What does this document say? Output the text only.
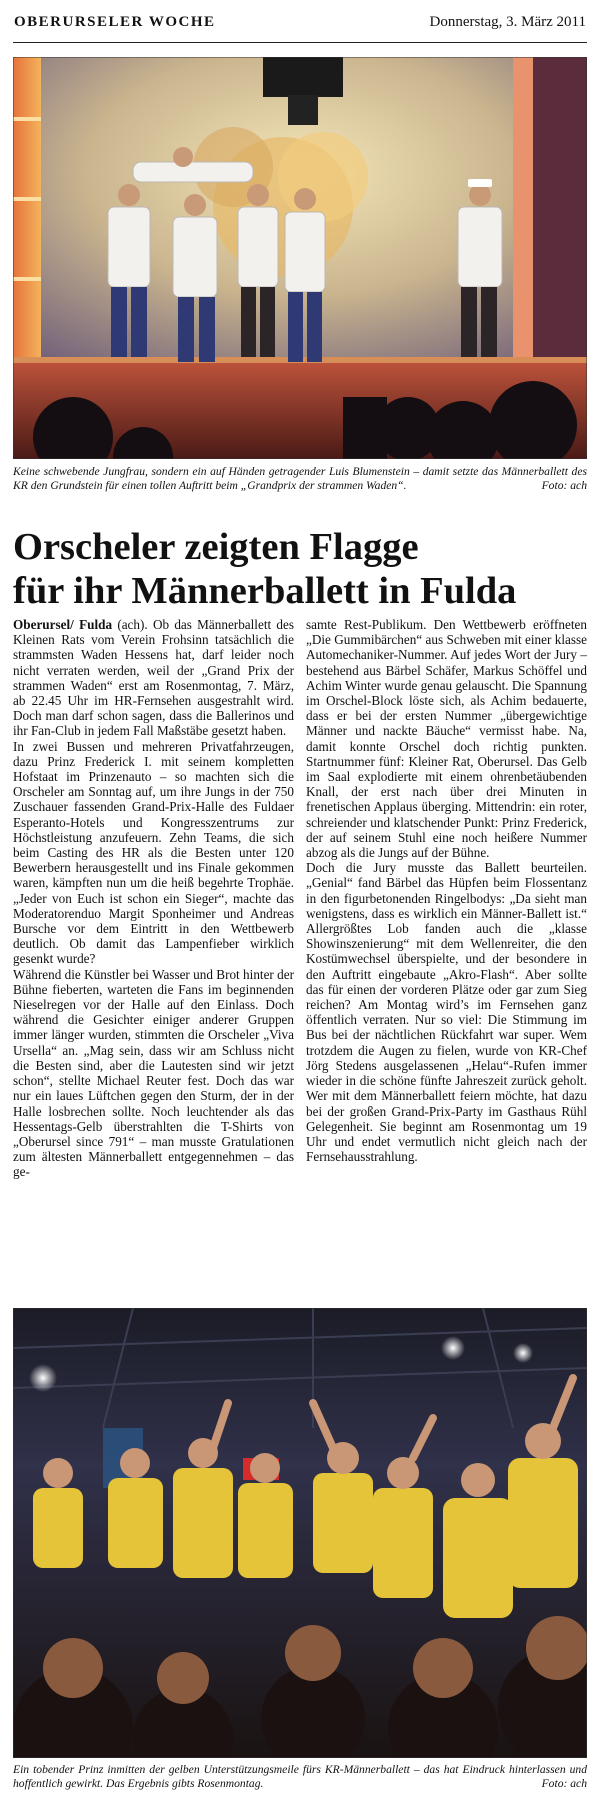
OBERURSELER WOCHE	Donnerstag, 3. März 2011
Keine schwebende Jungfrau, sondern ein auf Händen getragender Luis Blumenstein – damit setzte das Männerballett des KR den Grundstein für einen tollen Auftritt beim „Grandprix der strammen Waden“.	Foto: ach
Orscheler zeigten Flagge
für ihr Männerballett in Fulda

Oberursel/ Fulda (ach). Ob das Männerballett des Kleinen Rats vom Verein Frohsinn tatsächlich die strammsten Waden Hessens hat, darf leider noch nicht verraten werden, weil der „Grand Prix der strammen Waden“ erst am Rosenmontag, 7. März, ab 22.45 Uhr im HR-Fernsehen ausgestrahlt wird. Doch man darf schon sagen, dass die Ballerinos und ihr Fan-Club in jedem Fall Maßstäbe gesetzt haben.

In zwei Bussen und mehreren Privatfahrzeugen, dazu Prinz Frederick I. mit seinem kompletten Hofstaat im Prinzenauto – so machten sich die Orscheler am Sonntag auf, um ihre Jungs in der 750 Zuschauer fassenden Grand-Prix-Halle des Fuldaer Esperanto-Hotels und Kongresszentrums zur Höchstleistung anzufeuern. Zehn Teams, die sich beim Casting des HR als die Besten unter 120 Bewerbern herausgestellt und ins Finale gekommen waren, kämpften nun um die heiß begehrte Trophäe. „Jeder von Euch ist schon ein Sieger“, machte das Moderatorenduo Margit Sponheimer und Andreas Bursche vor dem Eintritt in den Wettbewerb deutlich. Ob damit das Lampenfieber wirklich gesenkt wurde?

Während die Künstler bei Wasser und Brot hinter der Bühne fieberten, warteten die Fans im beginnenden Nieselregen vor der Halle auf den Einlass. Doch während die Gesichter einiger anderer Gruppen immer länger wurden, stimmten die Orscheler „Viva Ursella“ an. „Mag sein, dass wir am Schluss nicht die Besten sind, aber die Lautesten sind wir jetzt schon“, stellte Michael Reuter fest. Doch das war nur ein laues Lüftchen gegen den Sturm, der in der Halle losbrechen sollte. Noch leuchtender als das Hessentags-Gelb überstrahlten die T-Shirts von „Oberursel since 791“ – man musste Gratulationen zum ältesten Männerballett entgegennehmen – das ge-

samte Rest-Publikum. Den Wettbewerb eröffneten „Die Gummibärchen“ aus Schweben mit einer klasse Automechaniker-Nummer. Auf jedes Wort der Jury – bestehend aus Bärbel Schäfer, Markus Schöffel und Achim Winter wurde genau gelauscht. Die Spannung im Orschel-Block löste sich, als Achim bedauerte, dass er bei der ersten Nummer „übergewichtige Männer und nackte Bäuche“ vermisst habe. Na, damit konnte Orschel doch richtig punkten. Startnummer fünf: Kleiner Rat, Oberursel. Das Gelb im Saal explodierte mit einem ohrenbetäubenden Knall, der erst nach über drei Minuten in frenetischen Applaus überging. Mittendrin: ein roter, schreiender und klatschender Punkt: Prinz Frederick, der auf seinem Stuhl eine noch heißere Nummer abzog als die Jungs auf der Bühne.

Doch die Jury musste das Ballett beurteilen. „Genial“ fand Bärbel das Hüpfen beim Flossentanz in den figurbetonenden Ringelbodys: „Da sieht man wenigstens, dass es wirklich ein Männer-Ballett ist.“ Allergrößtes Lob fanden auch die „klasse Showinszenierung“ mit dem Wellenreiter, die den Kostümwechsel überspielte, und der besondere in den Auftritt eingebaute „Akro-Flash“. Aber sollte das für einen der vorderen Plätze oder gar zum Sieg reichen? Am Montag wird’s im Fernsehen ganz öffentlich verraten. Nur so viel: Die Stimmung im Bus bei der nächtlichen Rückfahrt war super. Wem trotzdem die Augen zu fielen, wurde von KR-Chef Jörg Stedens ausgelassenen „Helau“-Rufen immer wieder in die schöne fünfte Jahreszeit zurück geholt. Wer mit dem Männerballett feiern möchte, hat dazu bei der großen Grand-Prix-Party im Gasthaus Rühl Gelegenheit. Sie beginnt am Rosenmontag um 19 Uhr und endet vermutlich nicht gleich nach der Fernsehausstrahlung.

Ein tobender Prinz inmitten der gelben Unterstützungsmeile fürs KR-Männerballett – das hat Eindruck hinterlassen und hoffentlich gewirkt. Das Ergebnis gibts Rosenmontag.	Foto: ach
